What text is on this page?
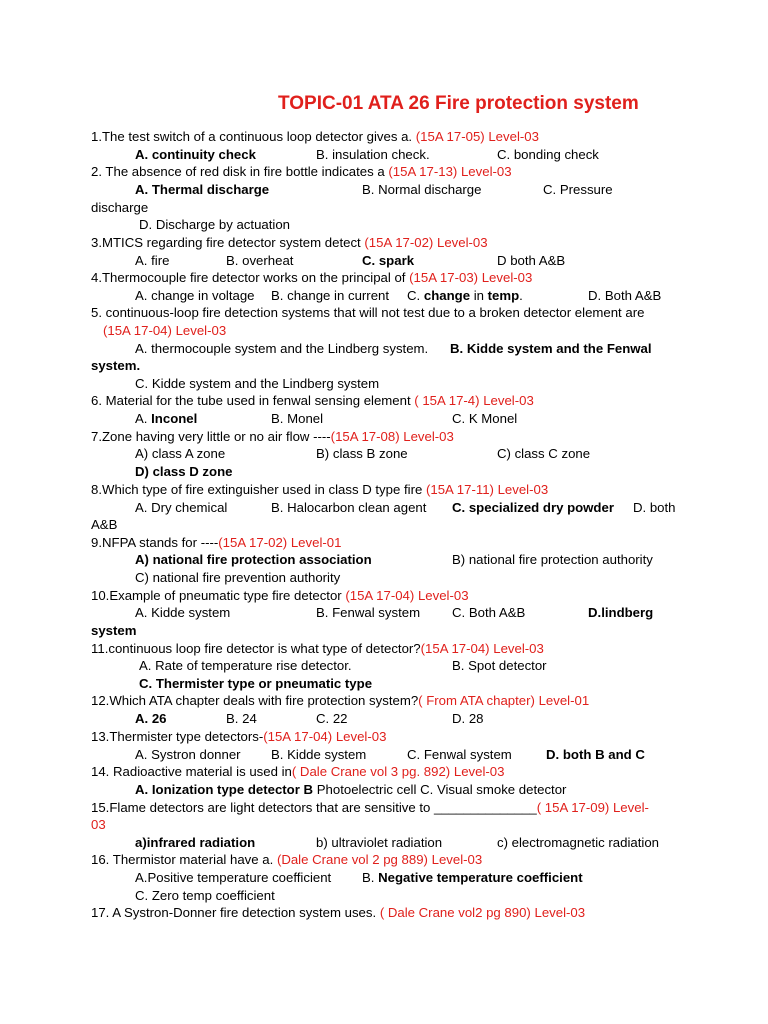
TOPIC-01 ATA 26 Fire protection system
1.The test switch of a continuous loop detector gives a. (15A 17-05) Level-03
A. continuity check	B. insulation check.	C. bonding check
2. The absence of red disk in fire bottle indicates a (15A 17-13) Level-03
A. Thermal discharge	B. Normal discharge	C. Pressure
discharge
D. Discharge by actuation
3.MTICS regarding fire detector system detect (15A 17-02) Level-03
A. fire	B. overheat	C. spark	D both A&B
4.Thermocouple fire detector works on the principal of (15A 17-03) Level-03
A. change in voltage B. change in current C. change in temp.	D. Both A&B
5. continuous-loop fire detection systems that will not test due to a broken detector element are
(15A 17-04) Level-03
A. thermocouple system and the Lindberg system. B. Kidde system and the Fenwal
system.
C. Kidde system and the Lindberg system
6. Material for the tube used in fenwal sensing element ( 15A 17-4) Level-03
A. Inconel	B. Monel	C. K Monel
7.Zone having very little or no air flow ----(15A 17-08) Level-03
A) class A zone	B) class B zone	C) class C zone
D) class D zone
8.Which type of fire extinguisher used in class D type fire (15A 17-11) Level-03
A. Dry chemical	B. Halocarbon clean agent C. specialized dry powder D. both
A&B
9.NFPA stands for ----(15A 17-02) Level-01
A) national fire protection association	B) national fire protection authority
C) national fire prevention authority
10.Example of pneumatic type fire detector (15A 17-04) Level-03
A. Kidde system	B. Fenwal system C. Both A&B	D.lindberg
system
11.continuous loop fire detector is what type of detector?(15A 17-04) Level-03
A. Rate of temperature rise detector.	B. Spot detector
C. Thermister type or pneumatic type
12.Which ATA chapter deals with fire protection system?( From ATA chapter) Level-01
A. 26	B. 24	C. 22	D. 28
13.Thermister type detectors-(15A 17-04) Level-03
A. Systron donner B. Kidde system	C. Fenwal system	D. both B and C
14. Radioactive material is used in( Dale Crane vol 3 pg. 892) Level-03
A. Ionization type detector B Photoelectric cell C. Visual smoke detector
15.Flame detectors are light detectors that are sensitive to ______________( 15A 17-09) Level-
03
a)infrared radiation	b) ultraviolet radiation	c) electromagnetic radiation
16. Thermistor material have a. (Dale Crane vol 2 pg 889) Level-03
A.Positive temperature coefficient B. Negative temperature coefficient
C. Zero temp coefficient
17. A Systron-Donner fire detection system uses. ( Dale Crane vol2 pg 890) Level-03
